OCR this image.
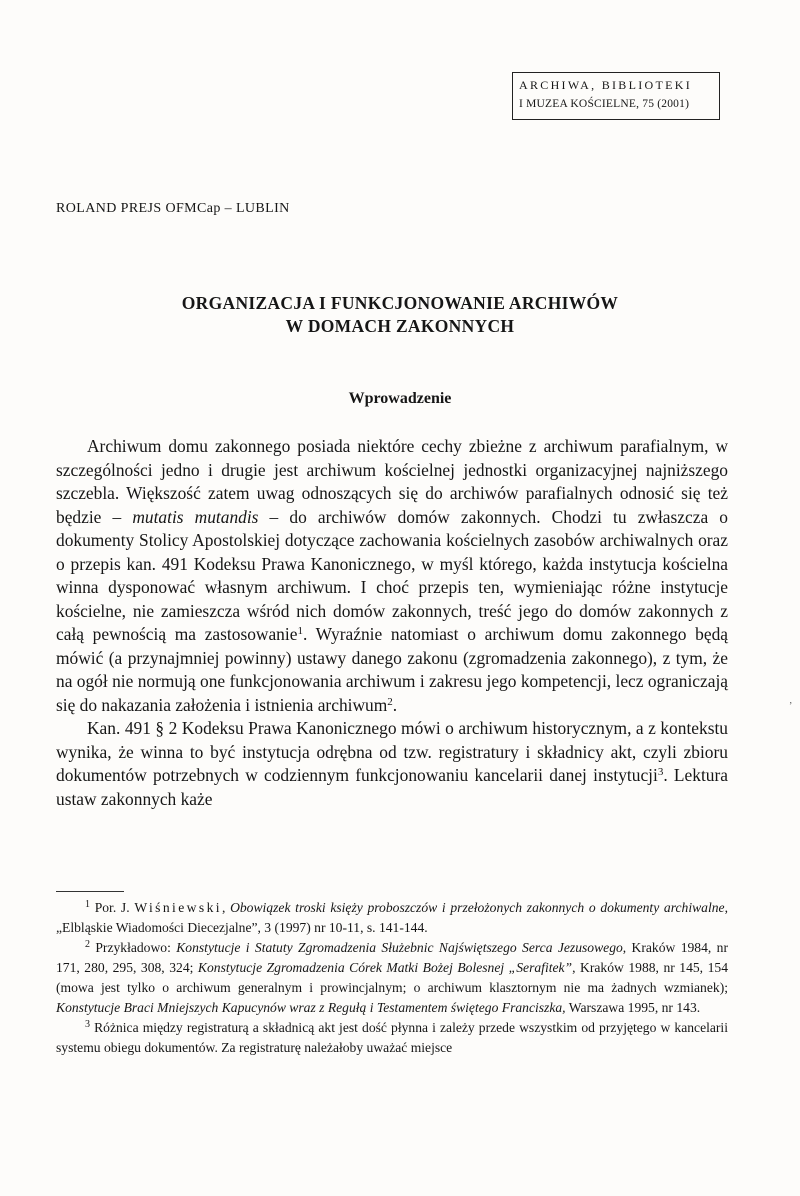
ARCHIWA, BIBLIOTEKI
I MUZEA KOŚCIELNE, 75 (2001)
ROLAND PREJS OFMCap – LUBLIN
ORGANIZACJA I FUNKCJONOWANIE ARCHIWÓW
W DOMACH ZAKONNYCH
Wprowadzenie

Archiwum domu zakonnego posiada niektóre cechy zbieżne z archiwum parafialnym, w szczególności jedno i drugie jest archiwum kościelnej jednostki organizacyjnej najniższego szczebla. Większość zatem uwag odnoszących się do archiwów parafialnych odnosić się też będzie – mutatis mutandis – do archiwów domów zakonnych. Chodzi tu zwłaszcza o dokumenty Stolicy Apostolskiej dotyczące zachowania kościelnych zasobów archiwalnych oraz o przepis kan. 491 Kodeksu Prawa Kanonicznego, w myśl którego, każda instytucja kościelna winna dysponować własnym archiwum. I choć przepis ten, wymieniając różne instytucje kościelne, nie zamieszcza wśród nich domów zakonnych, treść jego do domów zakonnych z całą pewnością ma zastosowanie$^1$. Wyraźnie natomiast o archiwum domu zakonnego będą mówić (a przynajmniej powinny) ustawy danego zakonu (zgromadzenia zakonnego), z tym, że na ogół nie normują one funkcjonowania archiwum i zakresu jego kompetencji, lecz ograniczają się do nakazania założenia i istnienia archiwum$^2$.

Kan. 491 § 2 Kodeksu Prawa Kanonicznego mówi o archiwum historycznym, a z kontekstu wynika, że winna to być instytucja odrębna od tzw. registratury i składnicy akt, czyli zbioru dokumentów potrzebnych w codziennym funkcjonowaniu kancelarii danej instytucji$^3$. Lektura ustaw zakonnych każe

$^1$ Por. J. Wiśniewski, Obowiązek troski księży proboszczów i przełożonych zakonnych o dokumenty archiwalne, „Elbląskie Wiadomości Diecezjalne”, 3 (1997) nr 10-11, s. 141-144.

$^2$ Przykładowo: Konstytucje i Statuty Zgromadzenia Służebnic Najświętszego Serca Jezusowego, Kraków 1984, nr 171, 280, 295, 308, 324; Konstytucje Zgromadzenia Córek Matki Bożej Bolesnej „Serafitek”, Kraków 1988, nr 145, 154 (mowa jest tylko o archiwum generalnym i prowincjalnym; o archiwum klasztornym nie ma żadnych wzmianek); Konstytucje Braci Mniejszych Kapucynów wraz z Regułą i Testamentem świętego Franciszka, Warszawa 1995, nr 143.

$^3$ Różnica między registraturą a składnicą akt jest dość płynna i zależy przede wszystkim od przyjętego w kancelarii systemu obiegu dokumentów. Za registraturę należałoby uważać miejsce

’
